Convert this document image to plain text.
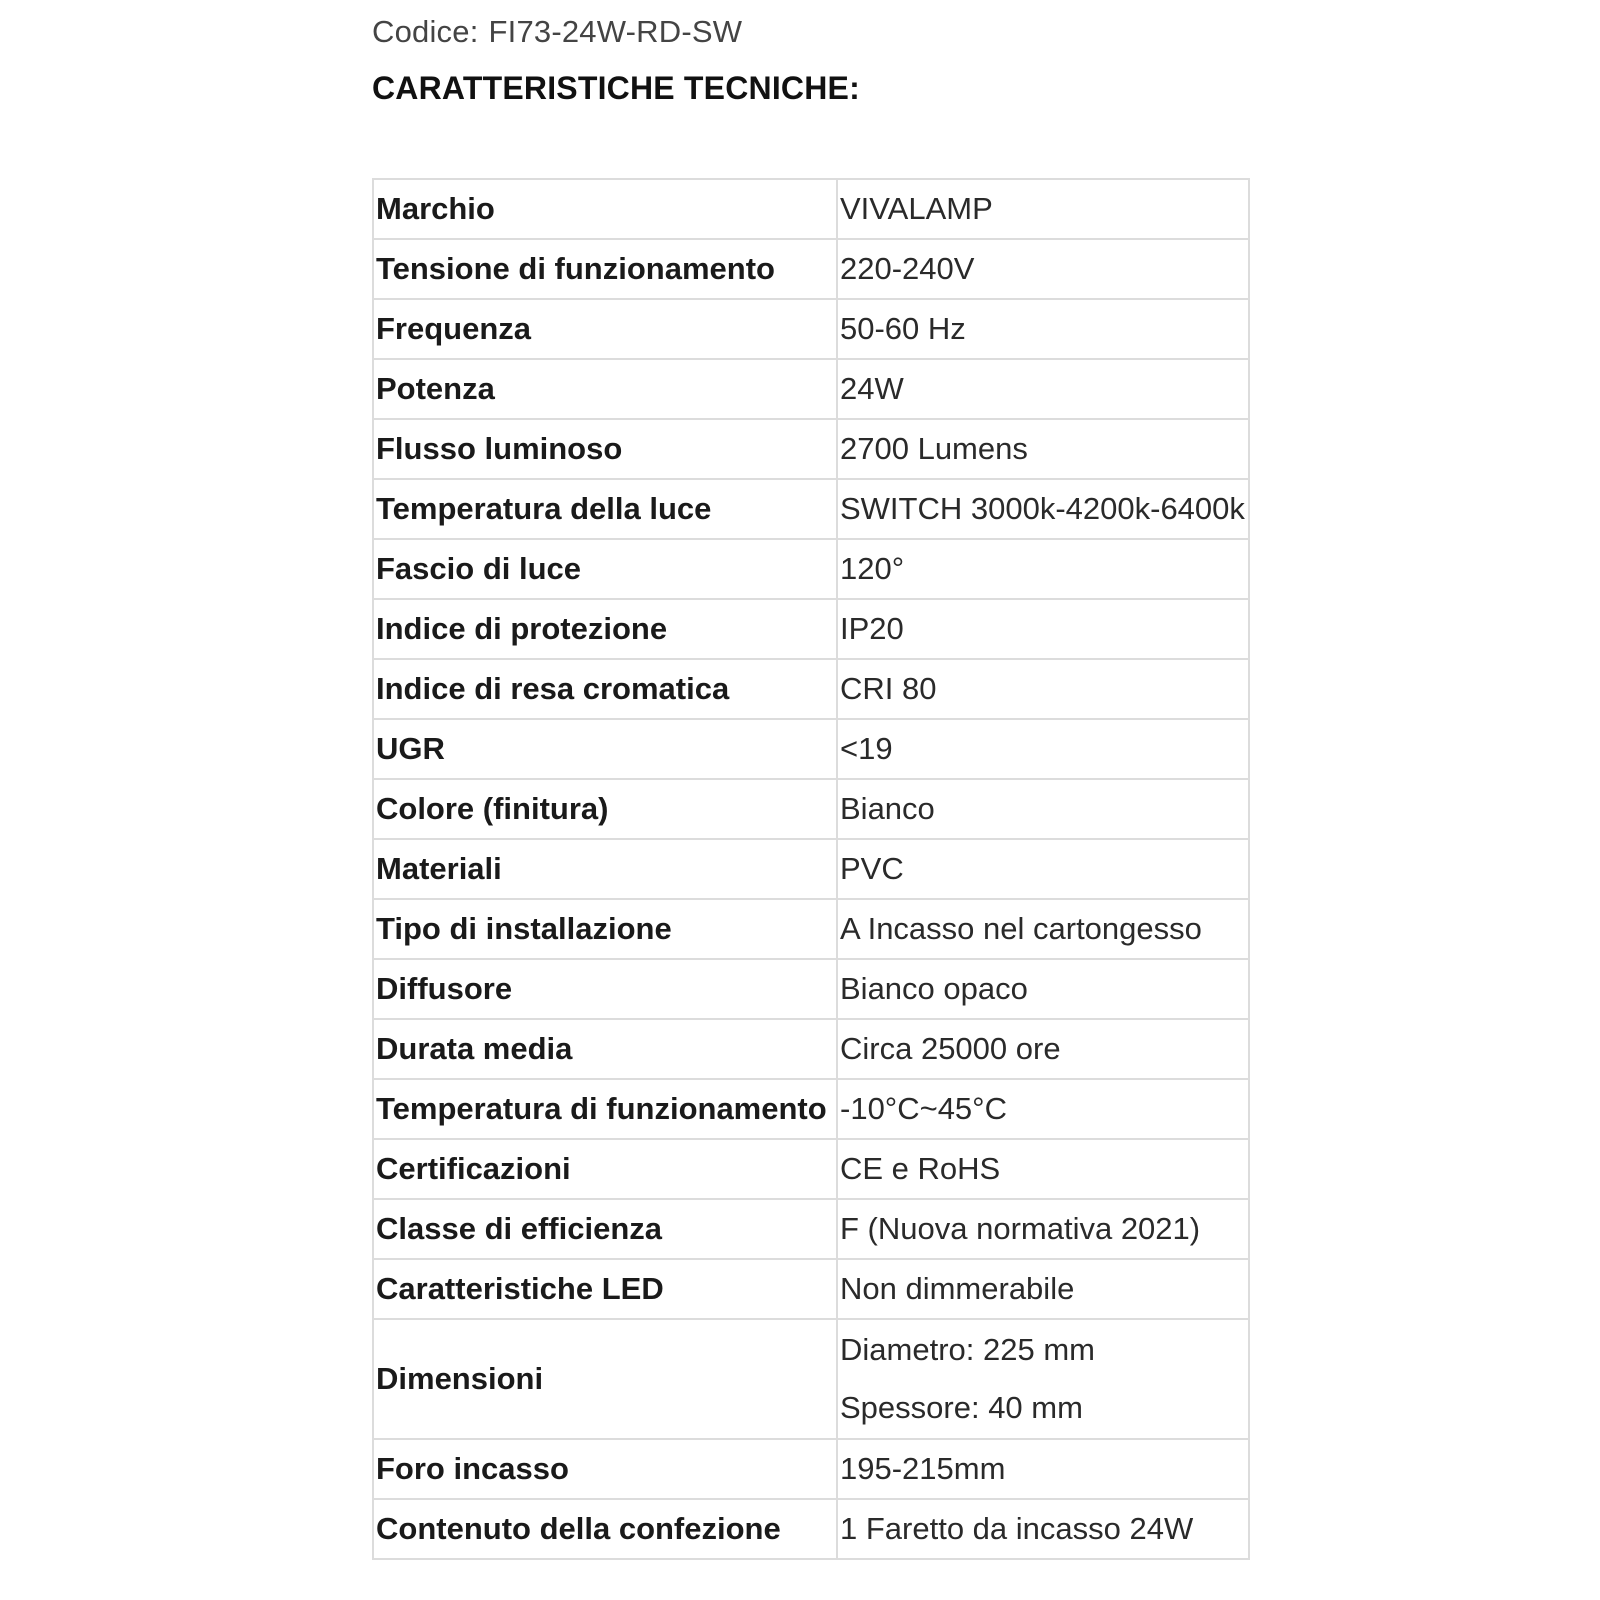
Codice: FI73-24W-RD-SW
CARATTERISTICHE TECNICHE:
Marchio	VIVALAMP
Tensione di funzionamento	220-240V
Frequenza	50-60 Hz
Potenza	24W
Flusso luminoso	2700 Lumens
Temperatura della luce	SWITCH 3000k-4200k-6400k
Fascio di luce	120°
Indice di protezione	IP20
Indice di resa cromatica	CRI 80
UGR	<19
Colore (finitura)	Bianco
Materiali	PVC
Tipo di installazione	A Incasso nel cartongesso
Diffusore	Bianco opaco
Durata media	Circa 25000 ore
Temperatura di funzionamento	-10°C~45°C
Certificazioni	CE e RoHS
Classe di efficienza	F (Nuova normativa 2021)
Caratteristiche LED	Non dimmerabile
Dimensioni	Diametro: 225 mm
Spessore: 40 mm

Foro incasso	195-215mm
Contenuto della confezione	1 Faretto da incasso 24W
